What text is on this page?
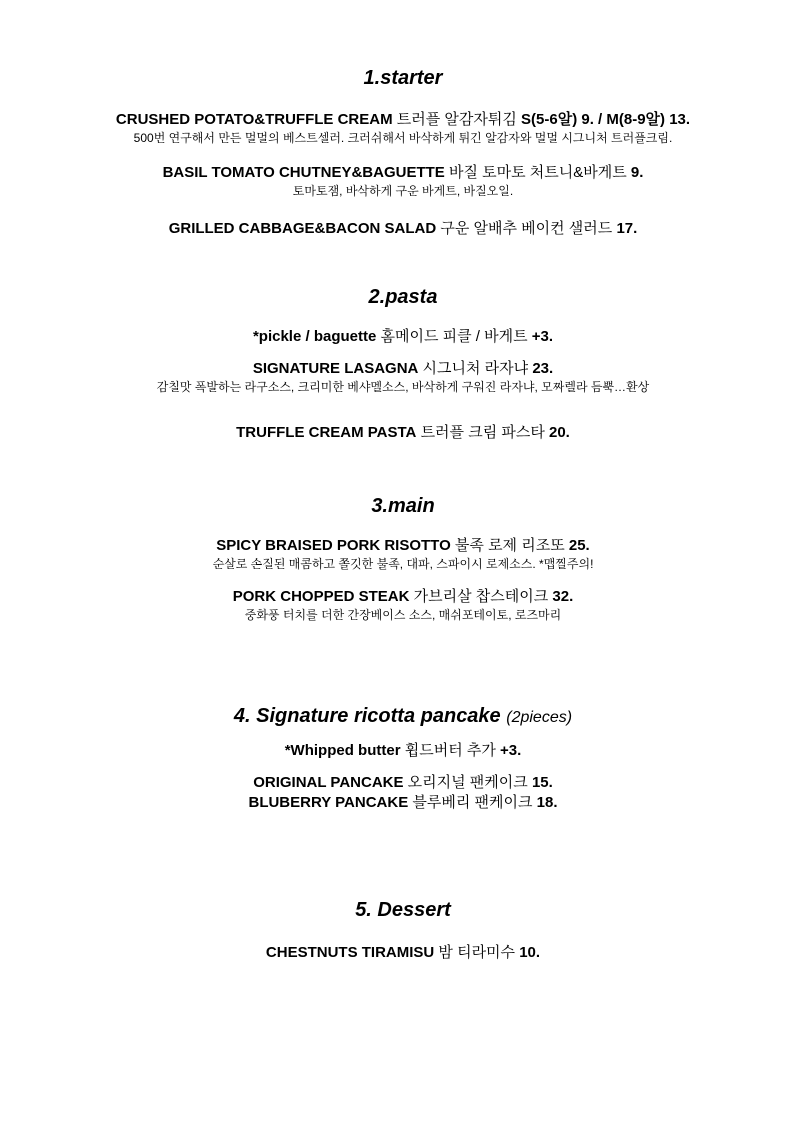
1.starter
CRUSHED POTATO&TRUFFLE CREAM 트러플 알감자튀김 S(5-6알) 9. / M(8-9알) 13.
500번 연구해서 만든 멀멀의 베스트셀러. 크러쉬해서 바삭하게 튀긴 알감자와 멀멀 시그니처 트러플크림.
BASIL TOMATO CHUTNEY&BAGUETTE 바질 토마토 처트니&바게트 9.
토마토잼, 바삭하게 구운 바게트, 바질오일.
GRILLED CABBAGE&BACON SALAD 구운 알배추 베이컨 샐러드 17.
2.pasta
*pickle / baguette 홈메이드 피클 / 바게트 +3.
SIGNATURE LASAGNA 시그니처 라자냐 23.
감칠맛 폭발하는 라구소스, 크리미한 베샤멜소스, 바삭하게 구워진 라자냐, 모짜렐라 듬뿍…환상
TRUFFLE CREAM PASTA 트러플 크림 파스타 20.
3.main
SPICY BRAISED PORK RISOTTO 불족 로제 리조또 25.
순살로 손질된 매콤하고 쫄깃한 불족, 대파, 스파이시 로제소스. *맵찔주의!
PORK CHOPPED STEAK 가브리살 찹스테이크 32.
중화풍 터치를 더한 간장베이스 소스, 매쉬포테이토, 로즈마리
4. Signature ricotta pancake (2pieces)
*Whipped butter 휩드버터 추가 +3.
ORIGINAL PANCAKE 오리지널 팬케이크 15.
BLUBERRY PANCAKE 블루베리 팬케이크 18.
5. Dessert
CHESTNUTS TIRAMISU 밤 티라미수 10.
